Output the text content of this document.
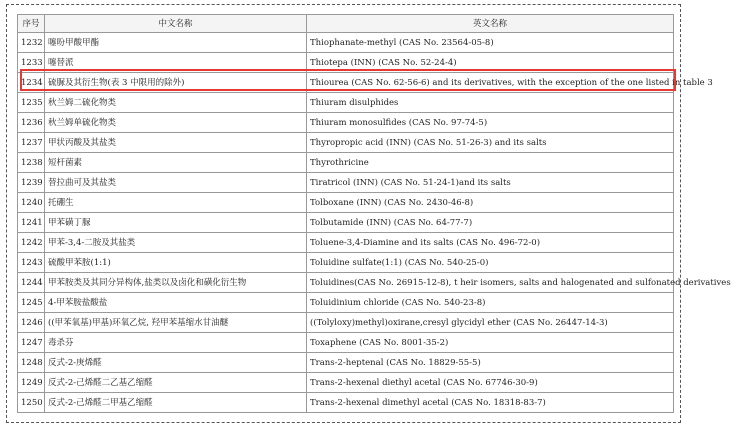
序号	中文名称	英文名称
1232	噻吩甲酸甲酯	Thiophanate-methyl (CAS No. 23564-05-8)
1233	噻替派	Thiotepa (INN) (CAS No. 52-24-4)
1234	硫脲及其衍生物(表 3 中限用的除外)	Thiourea (CAS No. 62-56-6) and its derivatives, with the exception of the one listed in table 3
1235	秋兰姆二硫化物类	Thiuram disulphides
1236	秋兰姆单硫化物类	Thiuram monosulfides (CAS No. 97-74-5)
1237	甲状丙酸及其盐类	Thyropropic acid (INN) (CAS No. 51-26-3) and its salts
1238	短杆菌素	Thyrothricine
1239	替拉曲可及其盐类	Tiratricol (INN) (CAS No. 51-24-1)and its salts
1240	托硼生	Tolboxane (INN) (CAS No. 2430-46-8)
1241	甲苯磺丁脲	Tolbutamide (INN) (CAS No. 64-77-7)
1242	甲苯-3,4-二胺及其盐类	Toluene-3,4-Diamine and its salts (CAS No. 496-72-0)
1243	硫酸甲苯胺(1:1)	Toluidine sulfate(1:1) (CAS No. 540-25-0)
1244	甲苯胺类及其同分异构体,盐类以及卤化和磺化衍生物	Toluidines(CAS No. 26915-12-8), t heir isomers, salts and halogenated and sulfonated derivatives
1245	4-甲苯胺盐酸盐	Toluidinium chloride (CAS No. 540-23-8)
1246	((甲苯氧基)甲基)环氧乙烷, 羟甲苯基缩水甘油醚	((Tolyloxy)methyl)oxirane,cresyl glycidyl ether (CAS No. 26447-14-3)
1247	毒杀芬	Toxaphene (CAS No. 8001-35-2)
1248	反式-2-庚烯醛	Trans-2-heptenal (CAS No. 18829-55-5)
1249	反式-2-己烯醛二乙基乙缩醛	Trans-2-hexenal diethyl acetal (CAS No. 67746-30-9)
1250	反式-2-己烯醛二甲基乙缩醛	Trans-2-hexenal dimethyl acetal (CAS No. 18318-83-7)
